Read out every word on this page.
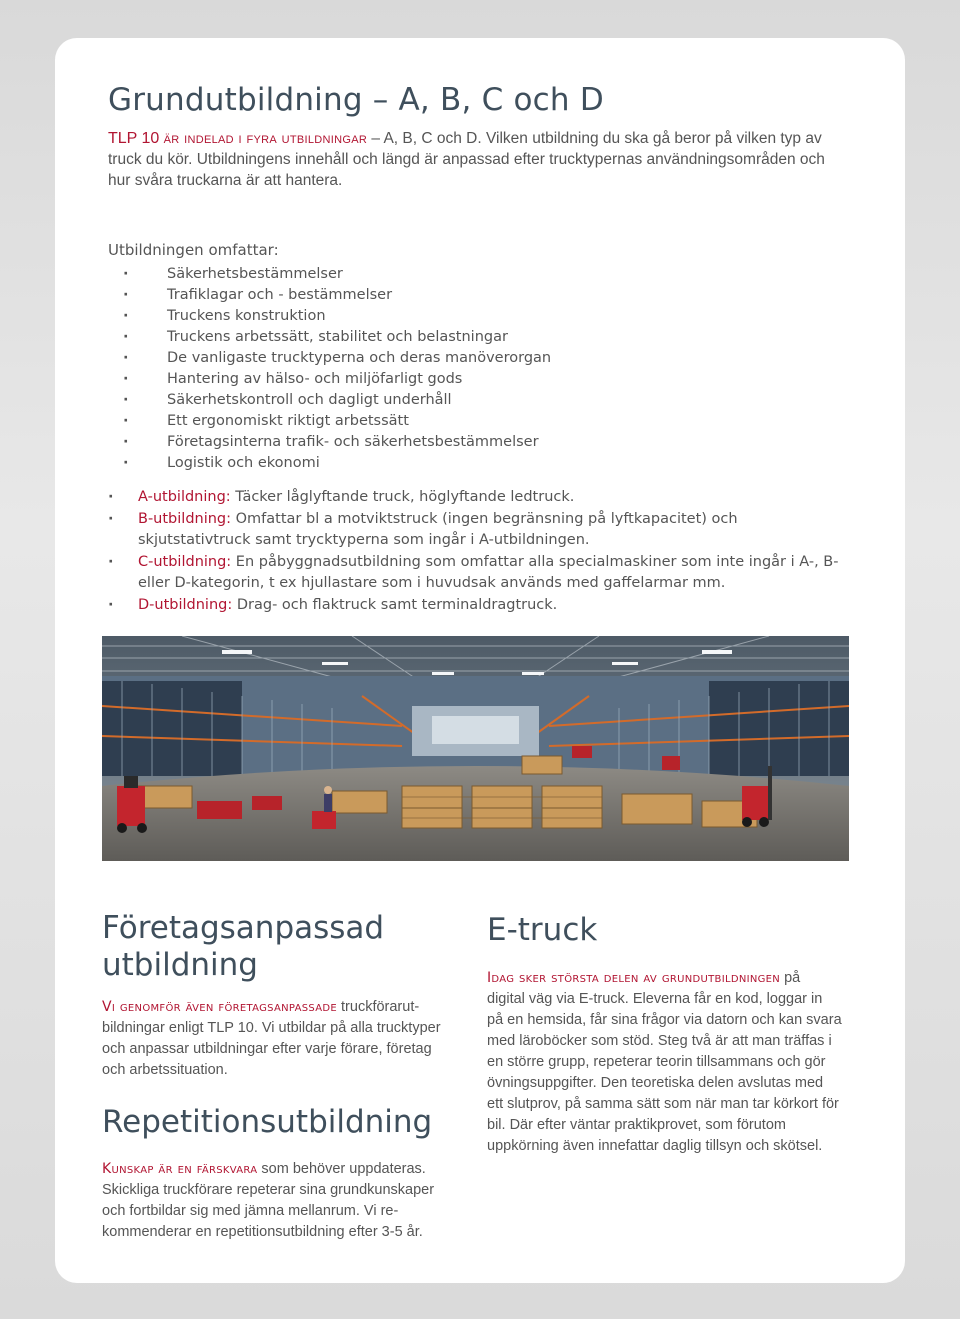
Grundutbildning – A, B, C och D
TLP 10 är indelad i fyra utbildningar – A, B, C och D. Vilken utbildning du ska gå beror på vilken typ av truck du kör. Utbildningens innehåll och längd är anpassad efter trucktypernas användningsområden och hur svåra truckarna är att hantera.
Utbildningen omfattar:
· Säkerhetsbestämmelser
· Trafiklagar och - bestämmelser
· Truckens konstruktion
· Truckens arbetssätt, stabilitet och belastningar
· De vanligaste trucktyperna och deras manöverorgan
· Hantering av hälso- och miljöfarligt gods
· Säkerhetskontroll och dagligt underhåll
· Ett ergonomiskt riktigt arbetssätt
· Företagsinterna trafik- och säkerhetsbestämmelser
· Logistik och ekonomi

·A-utbildning: Täcker låglyftande truck, höglyftande ledtruck.

·B-utbildning: Omfattar bl a motviktstruck (ingen begränsning på lyftkapacitet) och skjutstativtruck samt trycktyperna som ingår i A-utbildningen.

·C-utbildning: En påbyggnadsutbildning som omfattar alla specialmaskiner som inte ingår i A-, B- eller D-kategorin, t ex hjullastare som i huvudsak används med gaffelarmar mm.

·D-utbildning: Drag- och flaktruck samt terminaldragtruck.

Företagsanpassad
utbildning
Vi genomför även företagsanpassade truckförarutbildningar enligt TLP 10. Vi utbildar på alla trucktyper och anpassar utbildningar efter varje förare, företag och arbetssituation.
Repetitionsutbildning
Kunskap är en färskvara som behöver uppdateras. Skickliga truckförare repeterar sina grundkunskaper och fortbildar sig med jämna mellanrum. Vi rekommenderar en repetitionsutbildning efter 3-5 år.
E-truck
Idag sker största delen av grundutbildningen på digital väg via E-truck. Eleverna får en kod, loggar in på en hemsida, får sina frågor via datorn och kan svara med läroböcker som stöd. Steg två är att man träffas i en större grupp, repeterar teorin tillsammans och gör övningsuppgifter. Den teoretiska delen avslutas med ett slutprov, på samma sätt som när man tar körkort för bil. Där efter väntar praktikprovet, som förutom uppkörning även innefattar daglig tillsyn och skötsel.
